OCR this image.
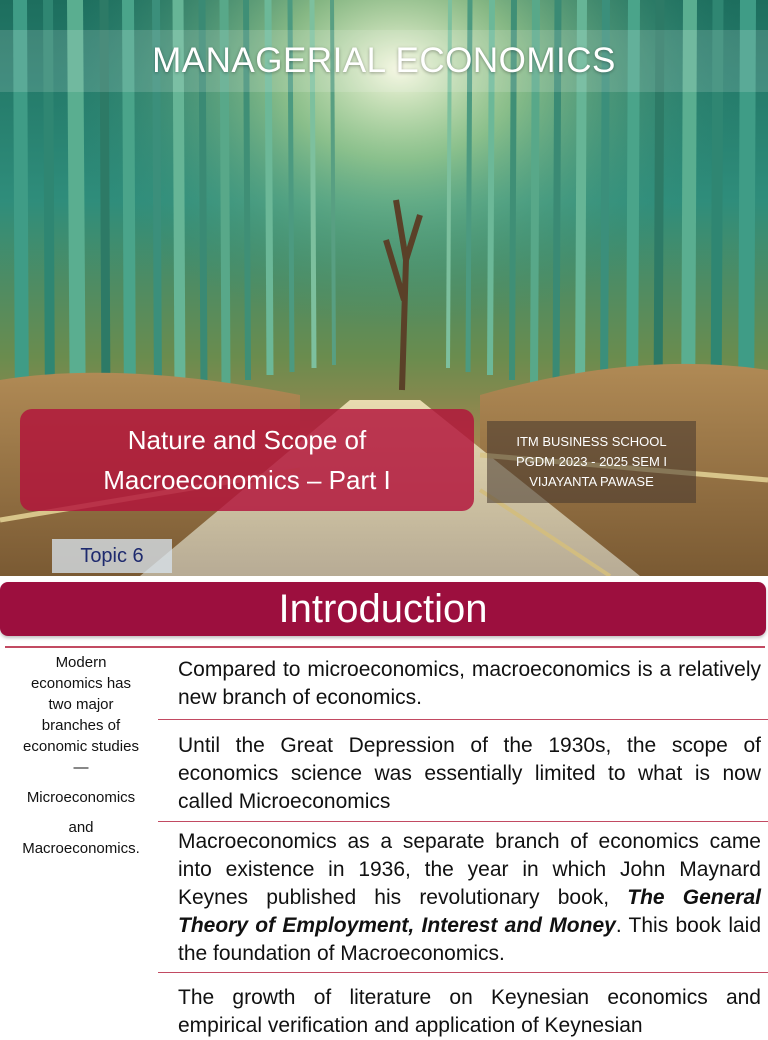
MANAGERIAL ECONOMICS
Nature and Scope of
Macroeconomics – Part I
ITM BUSINESS SCHOOL
PGDM 2023 - 2025 SEM I
VIJAYANTA PAWASE
Topic 6
Introduction

Modern

economics has

two major

branches of

economic studies

—

Microeconomics

and

Macroeconomics.

Compared to microeconomics, macroeconomics is a relatively new branch of economics.

Until the Great Depression of the 1930s, the scope of economics science was essentially limited to what is now called Microeconomics

Macroeconomics as a separate branch of economics came into existence in 1936, the year in which John Maynard Keynes published his revolutionary book, The General Theory of Employment, Interest and Money. This book laid the foundation of Macroeconomics.

The growth of literature on Keynesian economics and empirical verification and application of Keynesian
